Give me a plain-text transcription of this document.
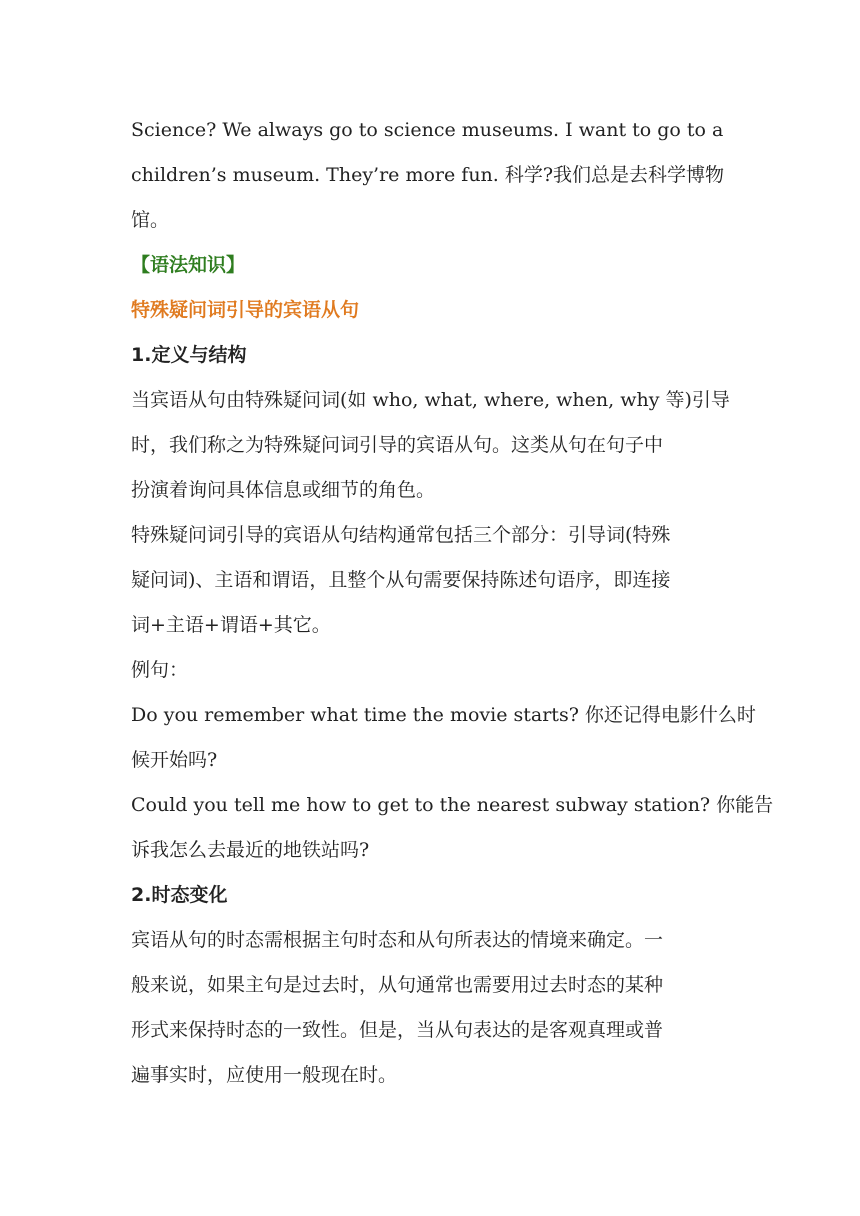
Science? We always go to science museums. I want to go to a
children’s museum. They’re more fun. 科学?我们总是去科学博物
馆。
【语法知识】
特殊疑问词引导的宾语从句
1.定义与结构
当宾语从句由特殊疑问词(如 who, what, where, when, why 等)引导
时，我们称之为特殊疑问词引导的宾语从句。这类从句在句子中
扮演着询问具体信息或细节的角色。
特殊疑问词引导的宾语从句结构通常包括三个部分：引导词(特殊
疑问词)、主语和谓语，且整个从句需要保持陈述句语序，即连接
词+主语+谓语+其它。
例句：
Do you remember what time the movie starts? 你还记得电影什么时
候开始吗?
Could you tell me how to get to the nearest subway station? 你能告
诉我怎么去最近的地铁站吗?
2.时态变化
宾语从句的时态需根据主句时态和从句所表达的情境来确定。一
般来说，如果主句是过去时，从句通常也需要用过去时态的某种
形式来保持时态的一致性。但是，当从句表达的是客观真理或普
遍事实时，应使用一般现在时。
